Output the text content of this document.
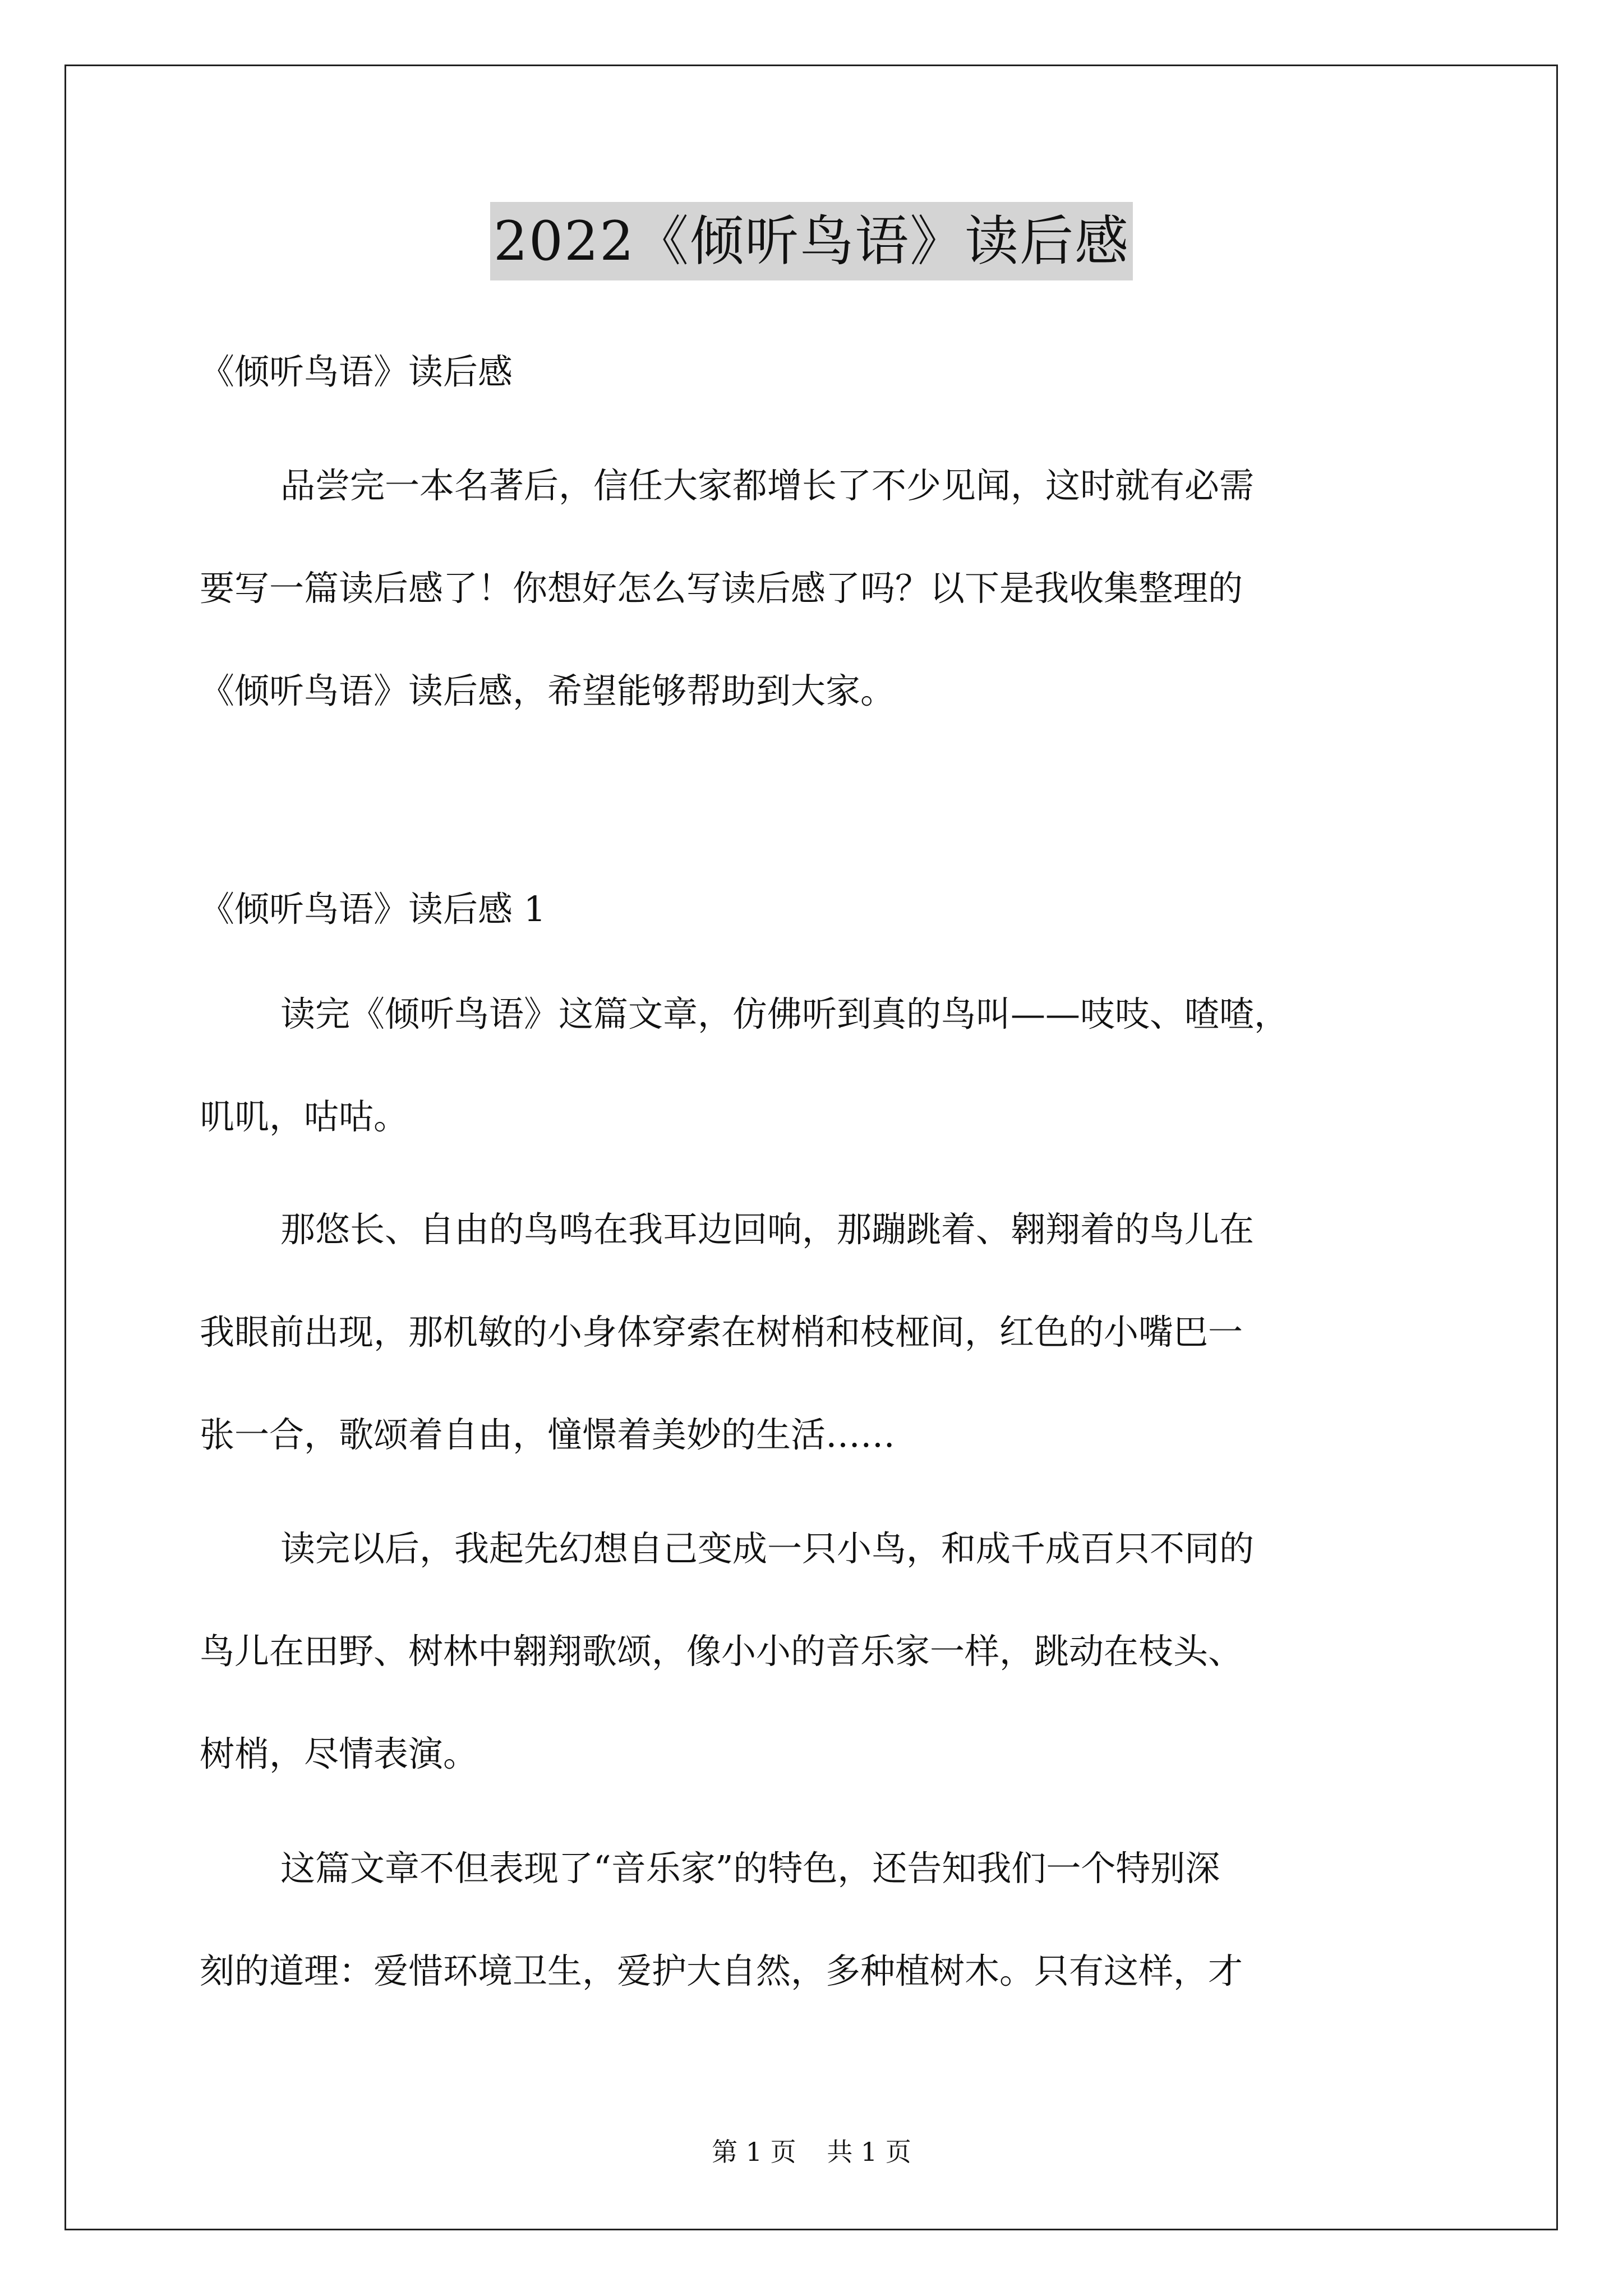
2022《倾听鸟语》读后感
《倾听鸟语》读后感
品尝完一本名著后，信任大家都增长了不少见闻，这时就有必需
要写一篇读后感了！你想好怎么写读后感了吗？以下是我收集整理的
《倾听鸟语》读后感，希望能够帮助到大家。
《倾听鸟语》读后感 1
读完《倾听鸟语》这篇文章，仿佛听到真的鸟叫——吱吱、喳喳，
叽叽，咕咕。
那悠长、自由的鸟鸣在我耳边回响，那蹦跳着、翱翔着的鸟儿在
我眼前出现，那机敏的小身体穿索在树梢和枝桠间，红色的小嘴巴一
张一合，歌颂着自由，憧憬着美妙的生活……
读完以后，我起先幻想自己变成一只小鸟，和成千成百只不同的
鸟儿在田野、树林中翱翔歌颂，像小小的音乐家一样，跳动在枝头、
树梢，尽情表演。
这篇文章不但表现了“音乐家”的特色，还告知我们一个特别深
刻的道理：爱惜环境卫生，爱护大自然，多种植树木。只有这样，才
第 1 页 共 1 页
